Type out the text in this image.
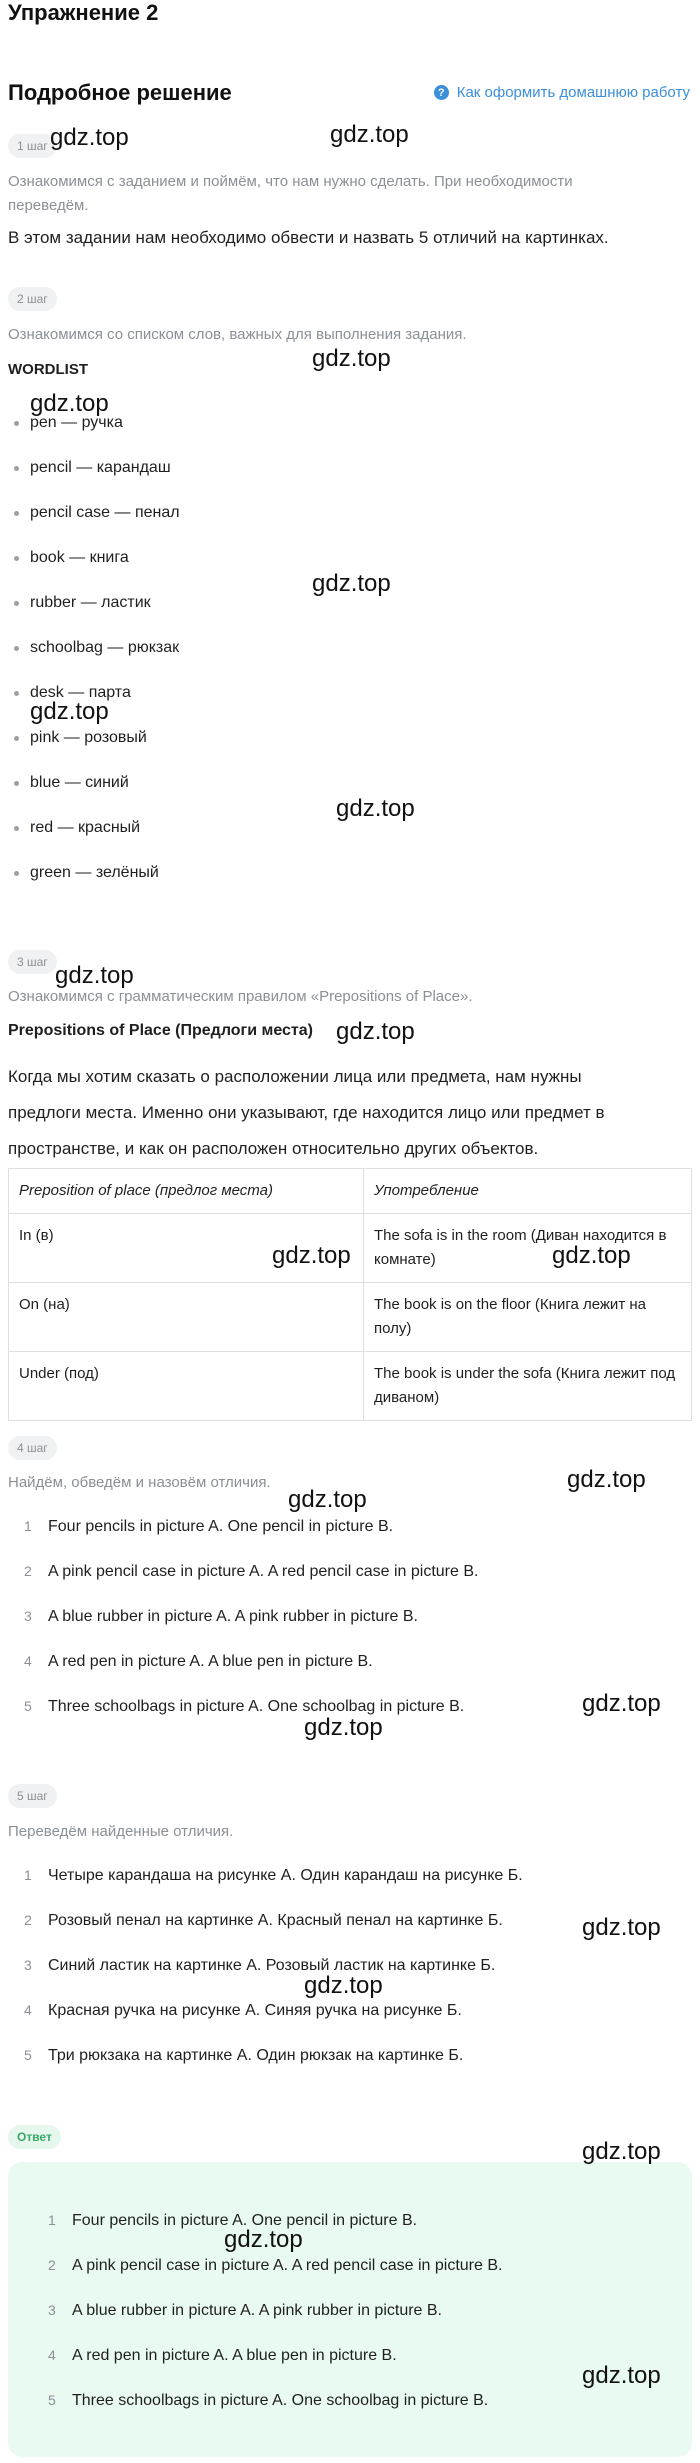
Упражнение 2
Подробное решение	? Как оформить домашнюю работу
1 шаг
Ознакомимся с заданием и поймём, что нам нужно сделать. При необходимости
переведём.
В этом задании нам необходимо обвести и назвать 5 отличий на картинках.
2 шаг
Ознакомимся со списком слов, важных для выполнения задания.
WORDLIST
pen — ручка
pencil — карандаш
pencil case — пенал
book — книга
rubber — ластик
schoolbag — рюкзак
desk — парта
pink — розовый
blue — синий
red — красный
green — зелёный
3 шаг
Ознакомимся с грамматическим правилом «Prepositions of Place».
Prepositions of Place (Предлоги места)
Когда мы хотим сказать о расположении лица или предмета, нам нужны
предлоги места. Именно они указывают, где находится лицо или предмет в
пространстве, и как он расположен относительно других объектов.
Preposition of place (предлог места)	Употребление
In (в)	The sofa is in the room (Диван находится в комнате)
On (на)	The book is on the floor (Книга лежит на полу)
Under (под)	The book is under the sofa (Книга лежит под диваном)
4 шаг
Найдём, обведём и назовём отличия.
1 Four pencils in picture A. One pencil in picture B.
2 A pink pencil case in picture A. A red pencil case in picture B.
3 A blue rubber in picture A. A pink rubber in picture B.
4 A red pen in picture A. A blue pen in picture B.
5 Three schoolbags in picture A. One schoolbag in picture B.
5 шаг
Переведём найденные отличия.
1 Четыре карандаша на рисунке А. Один карандаш на рисунке Б.
2 Розовый пенал на картинке А. Красный пенал на картинке Б.
3 Синий ластик на картинке А. Розовый ластик на картинке Б.
4 Красная ручка на рисунке А. Синяя ручка на рисунке Б.
5 Три рюкзака на картинке А. Один рюкзак на картинке Б.
Ответ
1 Four pencils in picture A. One pencil in picture B.
2 A pink pencil case in picture A. A red pencil case in picture B.
3 A blue rubber in picture A. A pink rubber in picture B.
4 A red pen in picture A. A blue pen in picture B.
5 Three schoolbags in picture A. One schoolbag in picture B.
gdz.top
gdz.top
gdz.top
gdz.top
gdz.top
gdz.top
gdz.top
gdz.top
gdz.top
gdz.top	gdz.top
gdz.top
gdz.top
gdz.top
gdz.top
gdz.top
gdz.top
gdz.top
gdz.top
gdz.top
